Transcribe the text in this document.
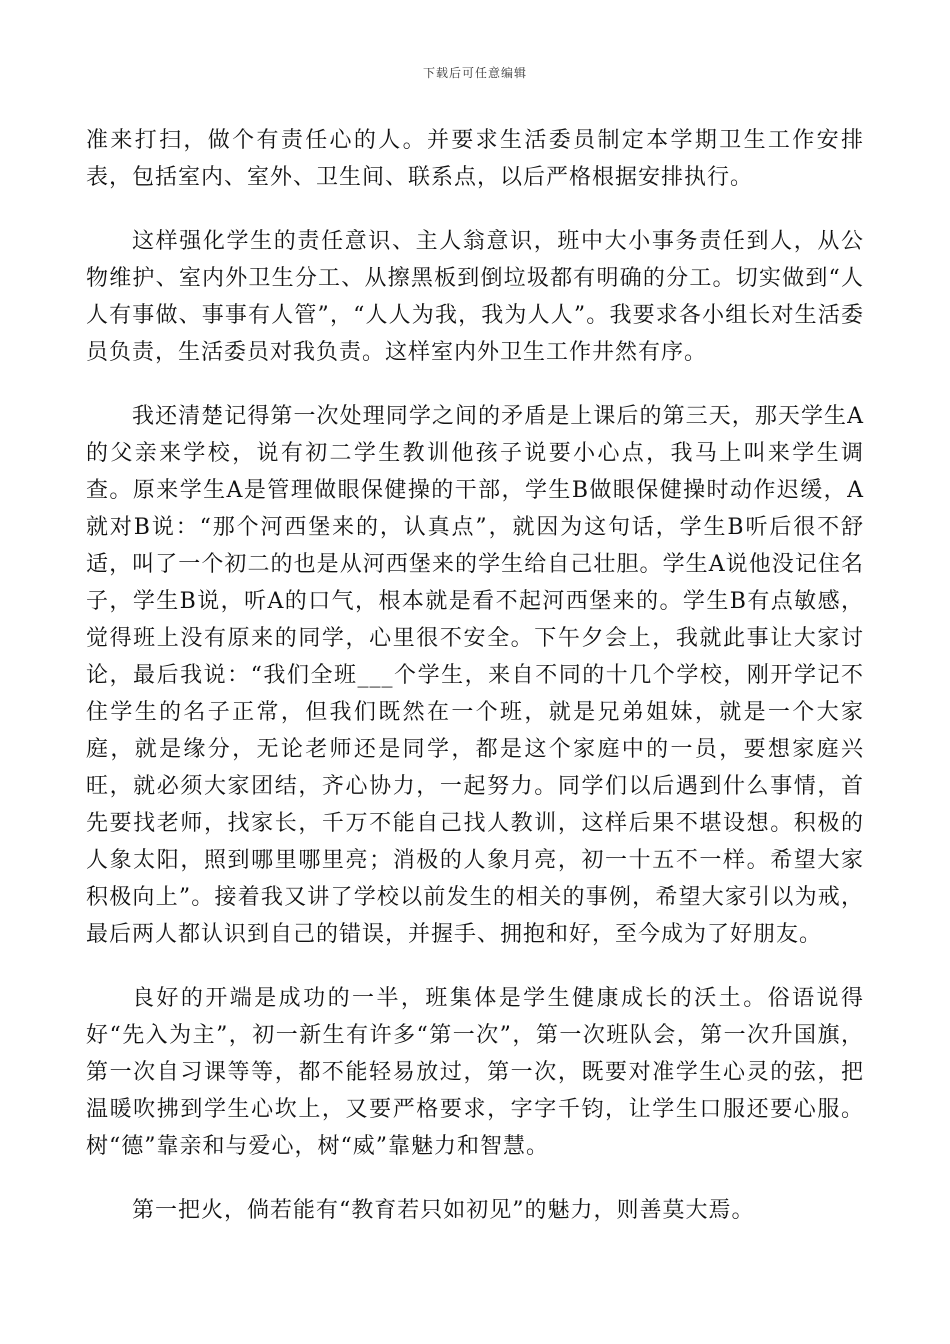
下载后可任意编辑

准来打扫，做个有责任心的人。并要求生活委员制定本学期卫生工作安排表，包括室内、室外、卫生间、联系点，以后严格根据安排执行。

这样强化学生的责任意识、主人翁意识，班中大小事务责任到人，从公物维护、室内外卫生分工、从擦黑板到倒垃圾都有明确的分工。切实做到“人人有事做、事事有人管”，“人人为我，我为人人”。我要求各小组长对生活委员负责，生活委员对我负责。这样室内外卫生工作井然有序。

我还清楚记得第一次处理同学之间的矛盾是上课后的第三天，那天学生A的父亲来学校，说有初二学生教训他孩子说要小心点，我马上叫来学生调查。原来学生A是管理做眼保健操的干部，学生B做眼保健操时动作迟缓，A就对B说：“那个河西堡来的，认真点”，就因为这句话，学生B听后很不舒适，叫了一个初二的也是从河西堡来的学生给自己壮胆。学生A说他没记住名子，学生B说，听A的口气，根本就是看不起河西堡来的。学生B有点敏感，觉得班上没有原来的同学，心里很不安全。下午夕会上，我就此事让大家讨论，最后我说：“我们全班___个学生，来自不同的十几个学校，刚开学记不住学生的名子正常，但我们既然在一个班，就是兄弟姐妹，就是一个大家庭，就是缘分，无论老师还是同学，都是这个家庭中的一员，要想家庭兴旺，就必须大家团结，齐心协力，一起努力。同学们以后遇到什么事情，首先要找老师，找家长，千万不能自己找人教训，这样后果不堪设想。积极的人象太阳，照到哪里哪里亮；消极的人象月亮，初一十五不一样。希望大家积极向上”。接着我又讲了学校以前发生的相关的事例，希望大家引以为戒，最后两人都认识到自己的错误，并握手、拥抱和好，至今成为了好朋友。

良好的开端是成功的一半，班集体是学生健康成长的沃土。俗语说得好“先入为主”，初一新生有许多“第一次”，第一次班队会，第一次升国旗，第一次自习课等等，都不能轻易放过，第一次，既要对准学生心灵的弦，把温暖吹拂到学生心坎上，又要严格要求，字字千钧，让学生口服还要心服。树“德”靠亲和与爱心，树“威”靠魅力和智慧。

第一把火，倘若能有“教育若只如初见”的魅力，则善莫大焉。
